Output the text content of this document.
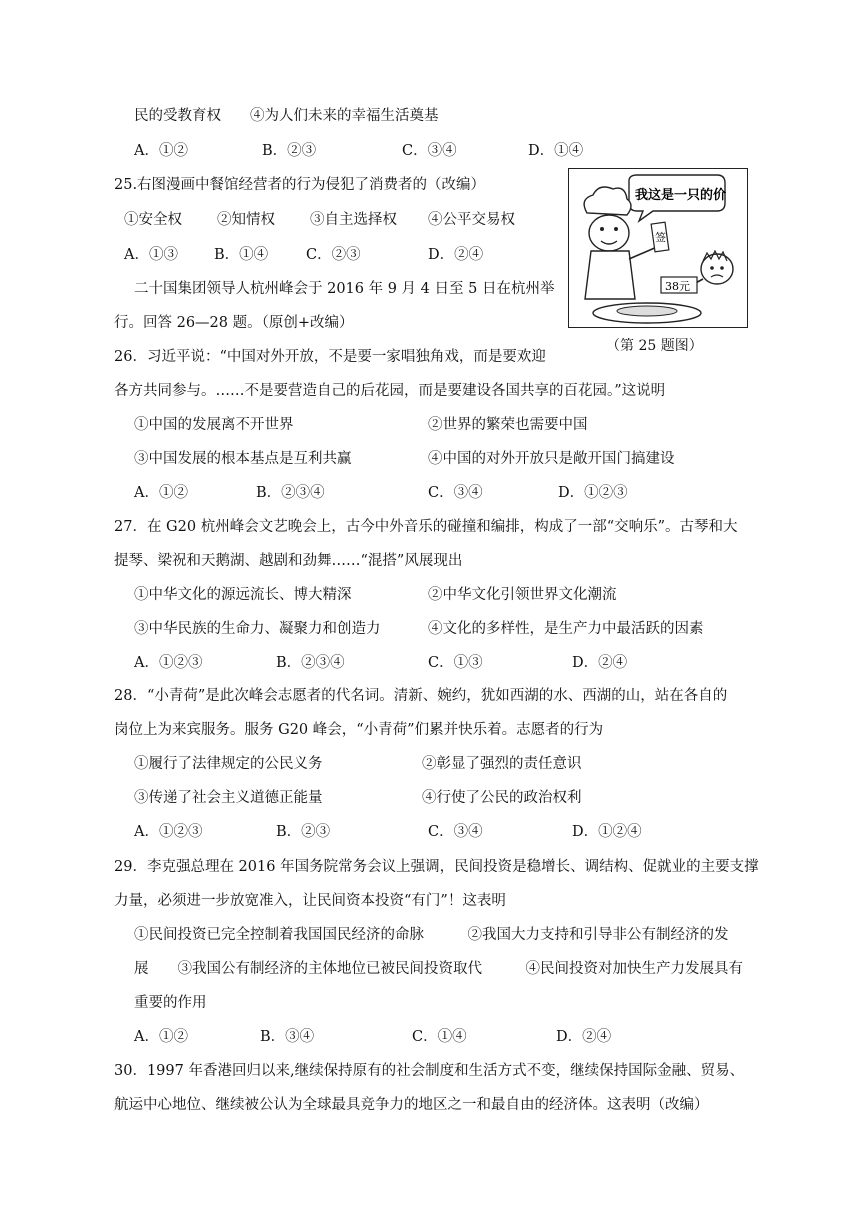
民的受教育权　　④为人们未来的幸福生活奠基
A．①②	B．②③	C．③④	D．①④
25.右图漫画中餐馆经营者的行为侵犯了消费者的（改编）
①安全权 ②知情权 ③自主选择权 ④公平交易权
A．①③ B．①④	C．②③	D．②④
我这是一只的价
签
38元
（第 25 题图）
二十国集团领导人杭州峰会于 2016 年 9 月 4 日至 5 日在杭州举
行。回答 26—28 题。（原创+改编）
26．习近平说：“中国对外开放，不是要一家唱独角戏，而是要欢迎
各方共同参与。……不是要营造自己的后花园，而是要建设各国共享的百花园。”这说明
①中国的发展离不开世界	②世界的繁荣也需要中国
③中国发展的根本基点是互利共赢	④中国的对外开放只是敞开国门搞建设
A．①②	B．②③④	C．③④	D．①②③
27．在 G20 杭州峰会文艺晚会上，古今中外音乐的碰撞和编排，构成了一部“交响乐”。古琴和大
提琴、梁祝和天鹅湖、越剧和劲舞……“混搭”风展现出
①中华文化的源远流长、博大精深	②中华文化引领世界文化潮流
③中华民族的生命力、凝聚力和创造力	④文化的多样性，是生产力中最活跃的因素
A．①②③	B．②③④	C．①③	D．②④
28．“小青荷”是此次峰会志愿者的代名词。清新、婉约，犹如西湖的水、西湖的山，站在各自的
岗位上为来宾服务。服务 G20 峰会，“小青荷”们累并快乐着。志愿者的行为
①履行了法律规定的公民义务	②彰显了强烈的责任意识
③传递了社会主义道德正能量	④行使了公民的政治权利
A．①②③	B．②③	C．③④	D．①②④
29．李克强总理在 2016 年国务院常务会议上强调，民间投资是稳增长、调结构、促就业的主要支撑
力量，必须进一步放宽准入，让民间资本投资“有门”！这表明
①民间投资已完全控制着我国国民经济的命脉　　　②我国大力支持和引导非公有制经济的发
展　　③我国公有制经济的主体地位已被民间投资取代　　　④民间投资对加快生产力发展具有
重要的作用
A．①②	B．③④	C．①④	D．②④
30．1997 年香港回归以来,继续保持原有的社会制度和生活方式不变，继续保持国际金融、贸易、
航运中心地位、继续被公认为全球最具竞争力的地区之一和最自由的经济体。这表明（改编）
